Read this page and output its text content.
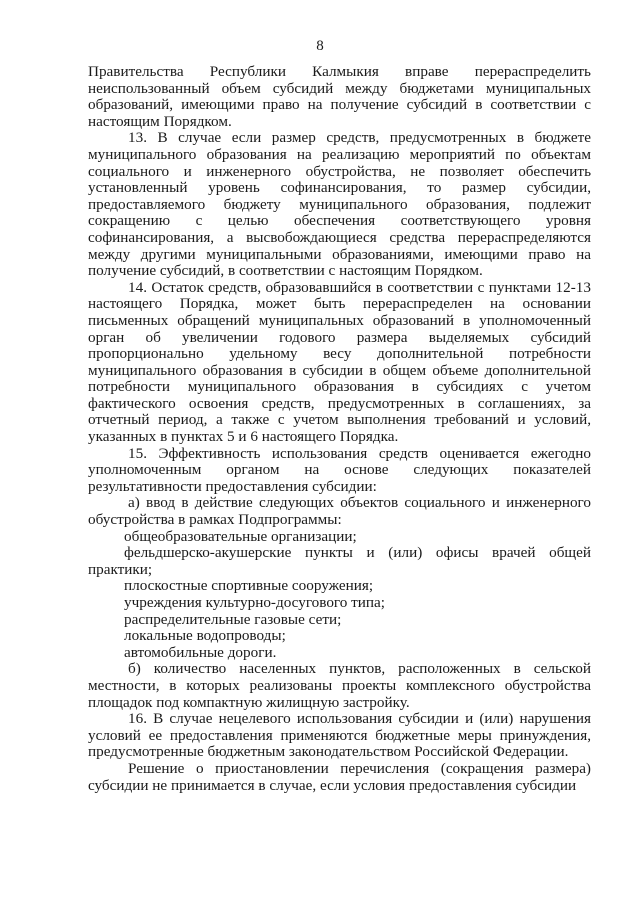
8

Правительства Республики Калмыкия вправе перераспределить неиспользованный объем субсидий между бюджетами муниципальных образований, имеющими право на получение субсидий в соответствии с настоящим Порядком.

13. В случае если размер средств, предусмотренных в бюджете муниципального образования на реализацию мероприятий по объектам социального и инженерного обустройства, не позволяет обеспечить установленный уровень софинансирования, то размер субсидии, предоставляемого бюджету муниципального образования, подлежит сокращению с целью обеспечения соответствующего уровня софинансирования, а высвобождающиеся средства перераспределяются между другими муниципальными образованиями, имеющими право на получение субсидий, в соответствии с настоящим Порядком.

14. Остаток средств, образовавшийся в соответствии с пунктами 12-13 настоящего Порядка, может быть перераспределен на основании письменных обращений муниципальных образований в уполномоченный орган об увеличении годового размера выделяемых субсидий пропорционально удельному весу дополнительной потребности муниципального образования в субсидии в общем объеме дополнительной потребности муниципального образования в субсидиях с учетом фактического освоения средств, предусмотренных в соглашениях, за отчетный период, а также с учетом выполнения требований и условий, указанных в пунктах 5 и 6 настоящего Порядка.

15. Эффективность использования средств оценивается ежегодно уполномоченным органом на основе следующих показателей результативности предоставления субсидии:

а) ввод в действие следующих объектов социального и инженерного обустройства в рамках Подпрограммы:

общеобразовательные организации;

фельдшерско-акушерские пункты и (или) офисы врачей общей практики;

плоскостные спортивные сооружения;

учреждения культурно-досугового типа;

распределительные газовые сети;

локальные водопроводы;

автомобильные дороги.

б) количество населенных пунктов, расположенных в сельской местности, в которых реализованы проекты комплексного обустройства площадок под компактную жилищную застройку.

16. В случае нецелевого использования субсидии и (или) нарушения условий ее предоставления применяются бюджетные меры принуждения, предусмотренные бюджетным законодательством Российской Федерации.

Решение о приостановлении перечисления (сокращения размера) субсидии не принимается в случае, если условия предоставления субсидии
